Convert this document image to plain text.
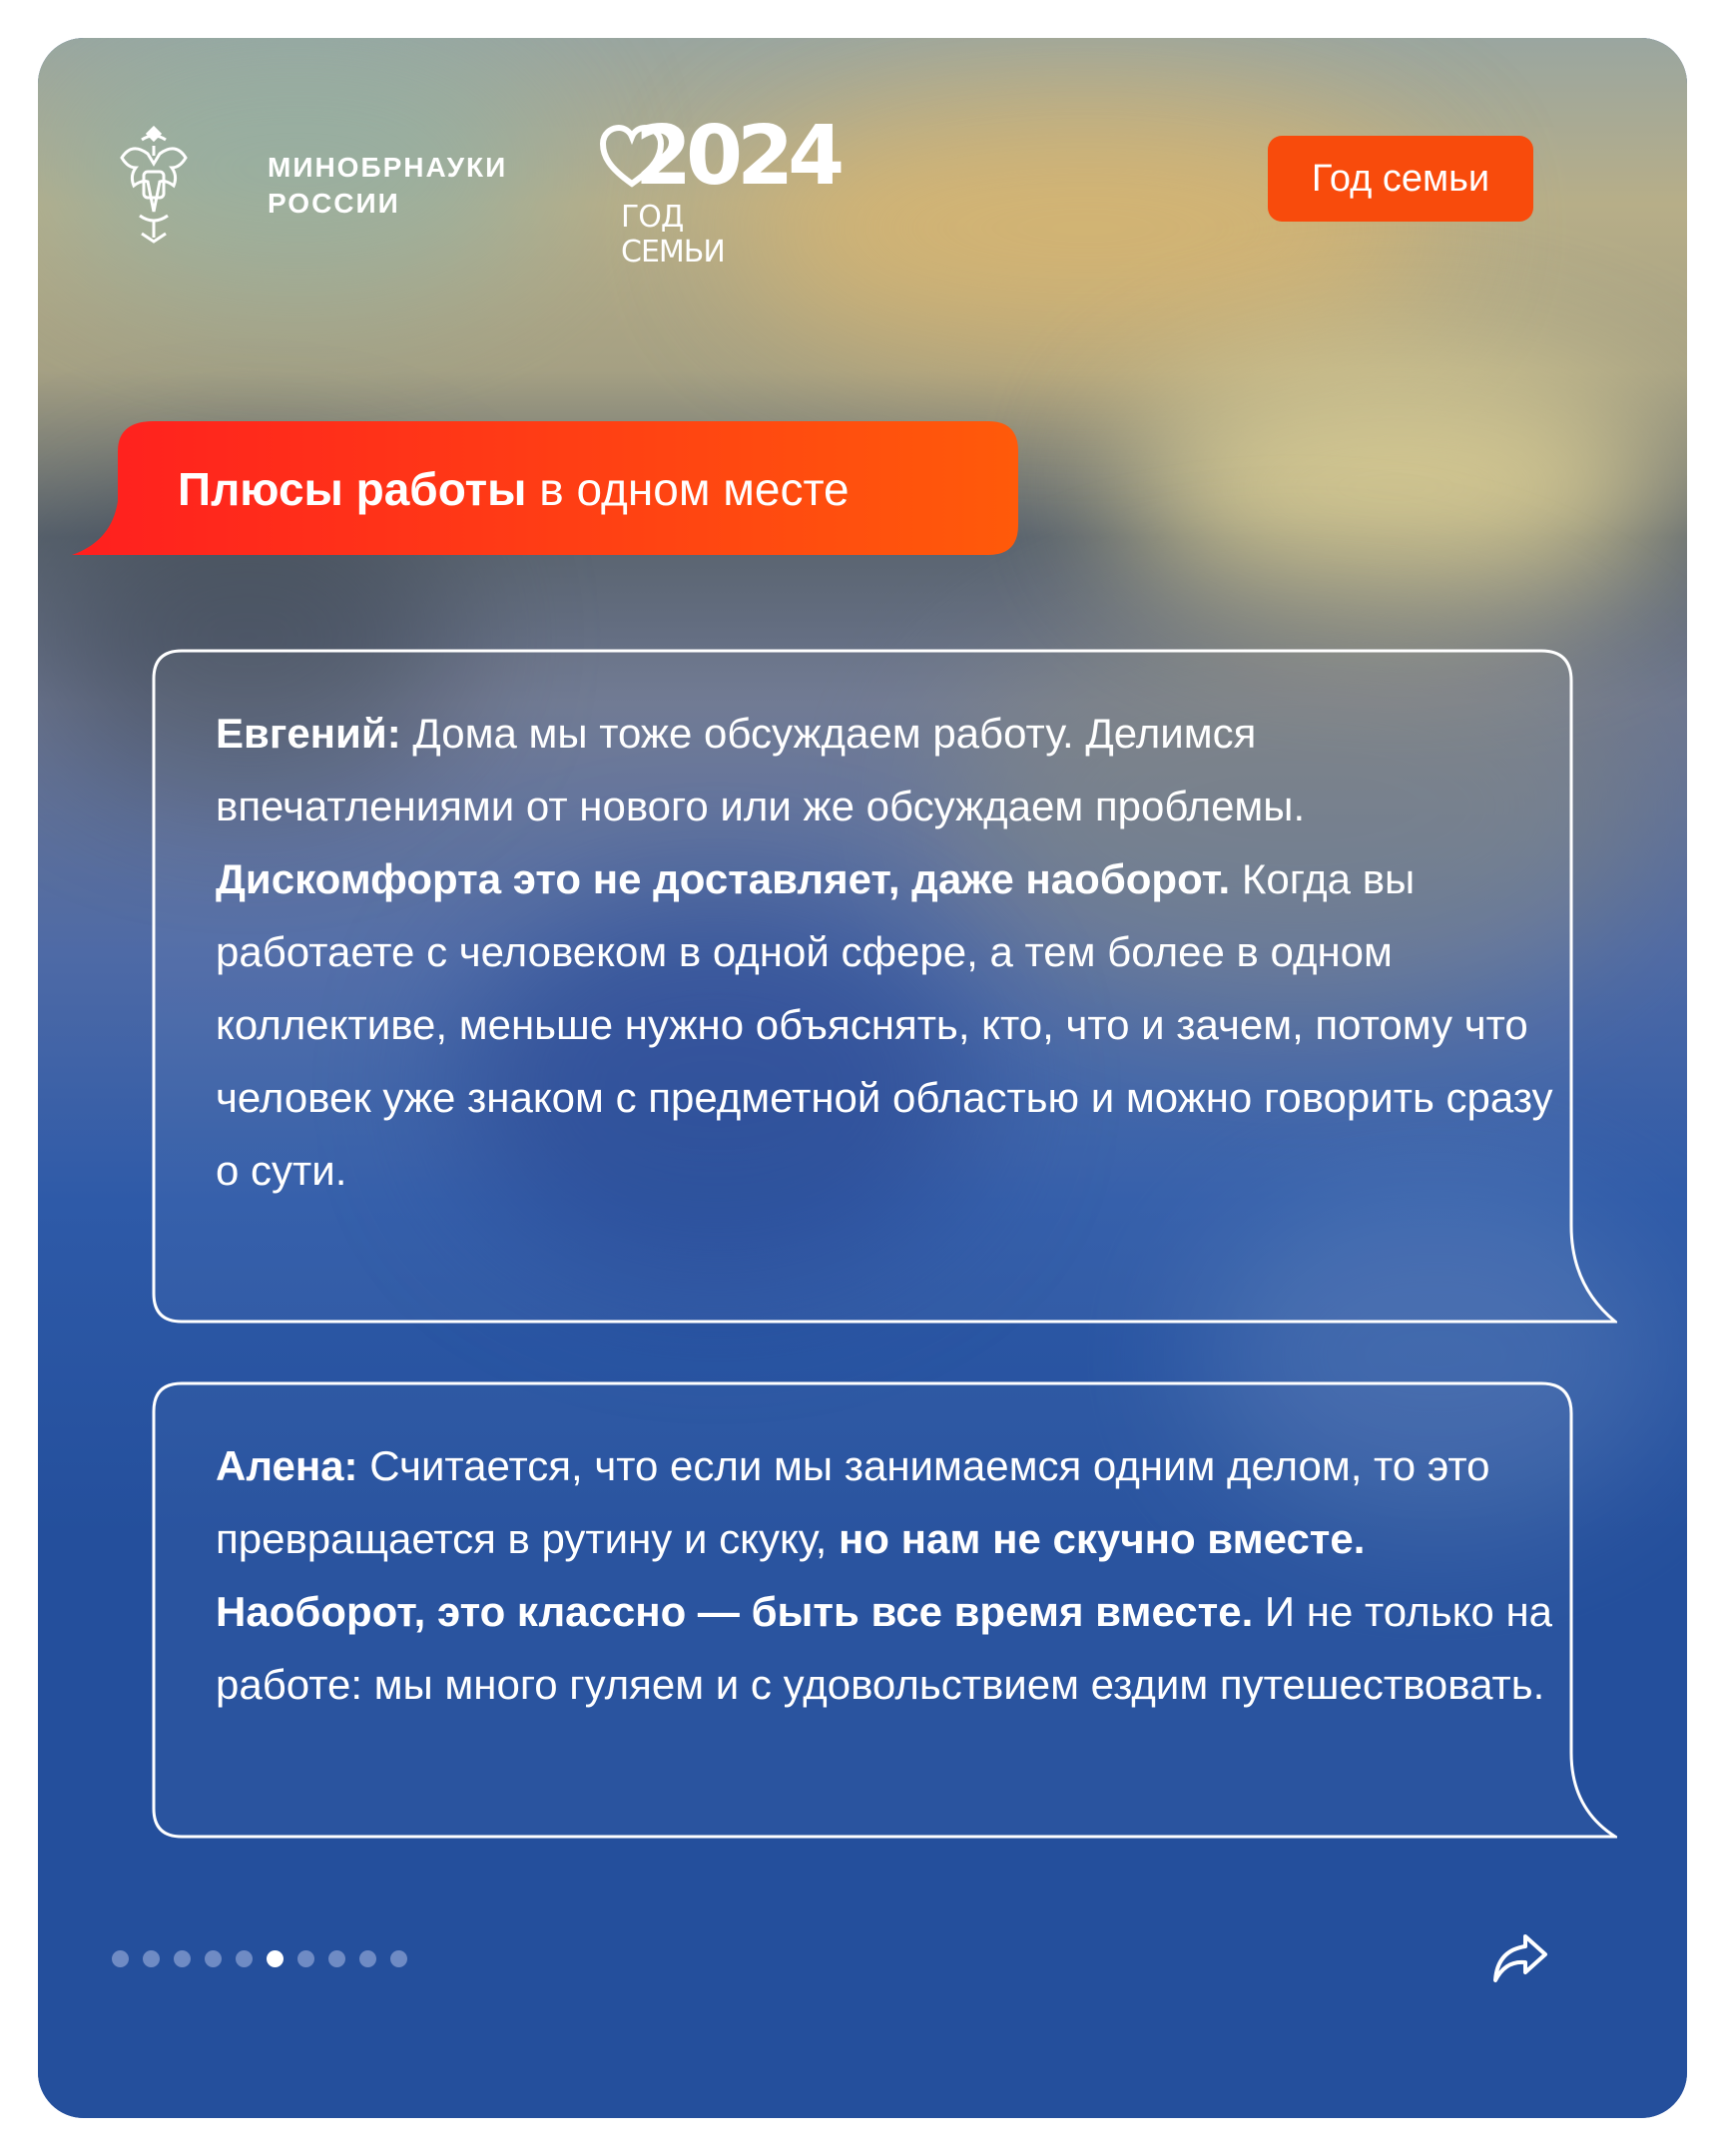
МИНОБРНАУКИ
РОССИИ	2024
ГОД СЕМЬИ
Год семьи
Плюсы работы в одном месте
Евгений: Дома мы тоже обсуждаем работу. Делимся впечатлениями от нового или же обсуждаем проблемы. Дискомфорта это не доставляет, даже наоборот. Когда вы работаете с человеком в одной сфере, а тем более в одном коллективе, меньше нужно объяснять, кто, что и зачем, потому что человек уже знаком с предметной областью и можно говорить сразу о сути.
Алена: Считается, что если мы занимаемся одним делом, то это превращается в рутину и скуку, но нам не скучно вместе. Наоборот, это классно — быть все время вместе. И не только на работе: мы много гуляем и с удовольствием ездим путешествовать.
